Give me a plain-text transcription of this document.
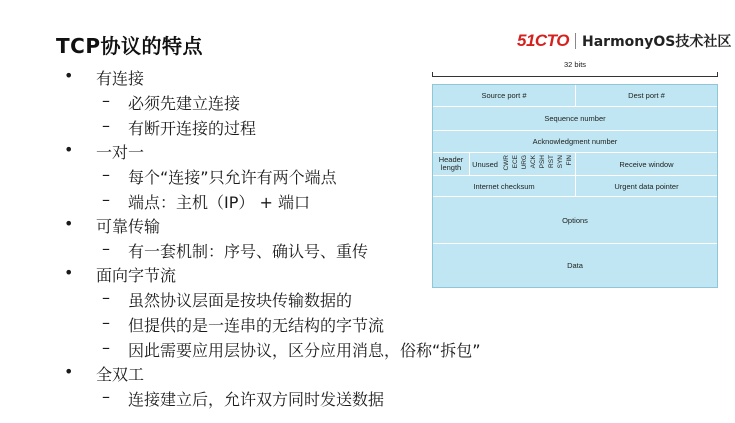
TCP协议的特点	51CTO HarmonyOS技术社区
• 有连接
– 必须先建立连接
– 有断开连接的过程
• 一对一
– 每个“连接”只允许有两个端点
– 端点：主机（IP） + 端口
• 可靠传输
– 有一套机制：序号、确认号、重传
• 面向字节流
– 虽然协议层面是按块传输数据的
– 但提供的是一连串的无结构的字节流
– 因此需要应用层协议，区分应用消息，俗称“拆包”
• 全双工
– 连接建立后，允许双方同时发送数据
32 bits
Source port #	Dest port #
Sequence number
Acknowledgment number
Header length	Unused CWR ECE URG ACK PSH RST SYN FIN	Receive window
Internet checksum	Urgent data pointer
Options
Data
